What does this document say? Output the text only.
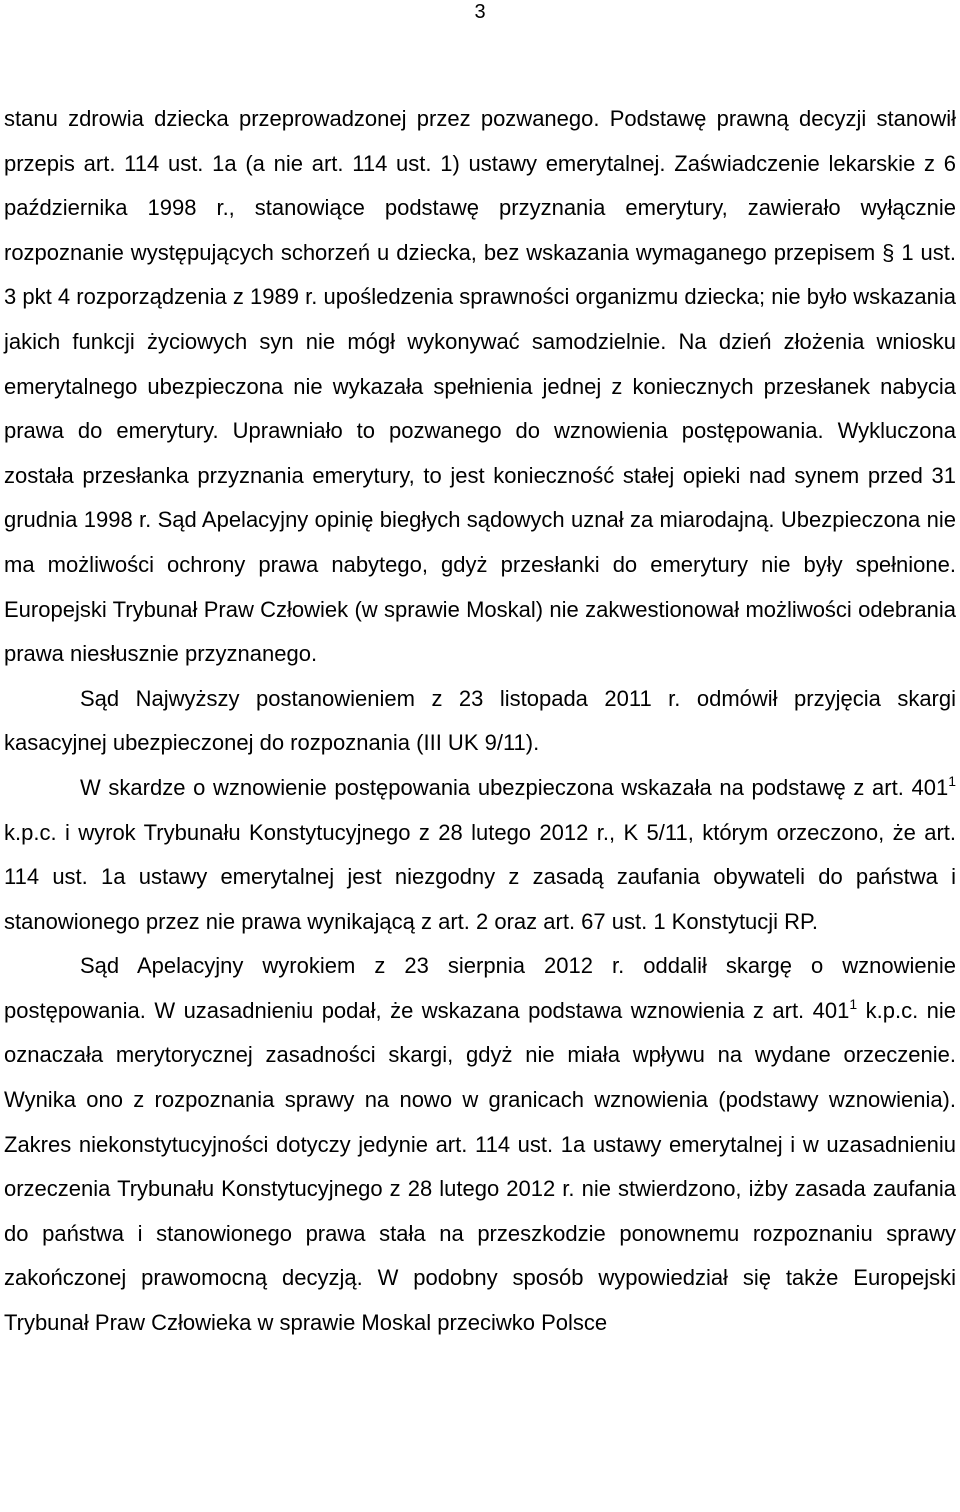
3

stanu zdrowia dziecka przeprowadzonej przez pozwanego. Podstawę prawną decyzji stanowił przepis art. 114 ust. 1a (a nie art. 114 ust. 1) ustawy emerytalnej. Zaświadczenie lekarskie z 6 października 1998 r., stanowiące podstawę przyznania emerytury, zawierało wyłącznie rozpoznanie występujących schorzeń u dziecka, bez wskazania wymaganego przepisem § 1 ust. 3 pkt 4 rozporządzenia z 1989 r. upośledzenia sprawności organizmu dziecka; nie było wskazania jakich funkcji życiowych syn nie mógł wykonywać samodzielnie. Na dzień złożenia wniosku emerytalnego ubezpieczona nie wykazała spełnienia jednej z koniecznych przesłanek nabycia prawa do emerytury. Uprawniało to pozwanego do wznowienia postępowania. Wykluczona została przesłanka przyznania emerytury, to jest konieczność stałej opieki nad synem przed 31 grudnia 1998 r. Sąd Apelacyjny opinię biegłych sądowych uznał za miarodajną. Ubezpieczona nie ma możliwości ochrony prawa nabytego, gdyż przesłanki do emerytury nie były spełnione. Europejski Trybunał Praw Człowiek (w sprawie Moskal) nie zakwestionował możliwości odebrania prawa niesłusznie przyznanego.

Sąd Najwyższy postanowieniem z 23 listopada 2011 r. odmówił przyjęcia skargi kasacyjnej ubezpieczonej do rozpoznania (III UK 9/11).

W skardze o wznowienie postępowania ubezpieczona wskazała na podstawę z art. $401^1$ k.p.c. i wyrok Trybunału Konstytucyjnego z 28 lutego 2012 r., K 5/11, którym orzeczono, że art. 114 ust. 1a ustawy emerytalnej jest niezgodny z zasadą zaufania obywateli do państwa i stanowionego przez nie prawa wynikającą z art. 2 oraz art. 67 ust. 1 Konstytucji RP.

Sąd Apelacyjny wyrokiem z 23 sierpnia 2012 r. oddalił skargę o wznowienie postępowania. W uzasadnieniu podał, że wskazana podstawa wznowienia z art. $401^1$ k.p.c. nie oznaczała merytorycznej zasadności skargi, gdyż nie miała wpływu na wydane orzeczenie. Wynika ono z rozpoznania sprawy na nowo w granicach wznowienia (podstawy wznowienia). Zakres niekonstytucyjności dotyczy jedynie art. 114 ust. 1a ustawy emerytalnej i w uzasadnieniu orzeczenia Trybunału Konstytucyjnego z 28 lutego 2012 r. nie stwierdzono, iżby zasada zaufania do państwa i stanowionego prawa stała na przeszkodzie ponownemu rozpoznaniu sprawy zakończonej prawomocną decyzją. W podobny sposób wypowiedział się także Europejski Trybunał Praw Człowieka w sprawie Moskal przeciwko Polsce
